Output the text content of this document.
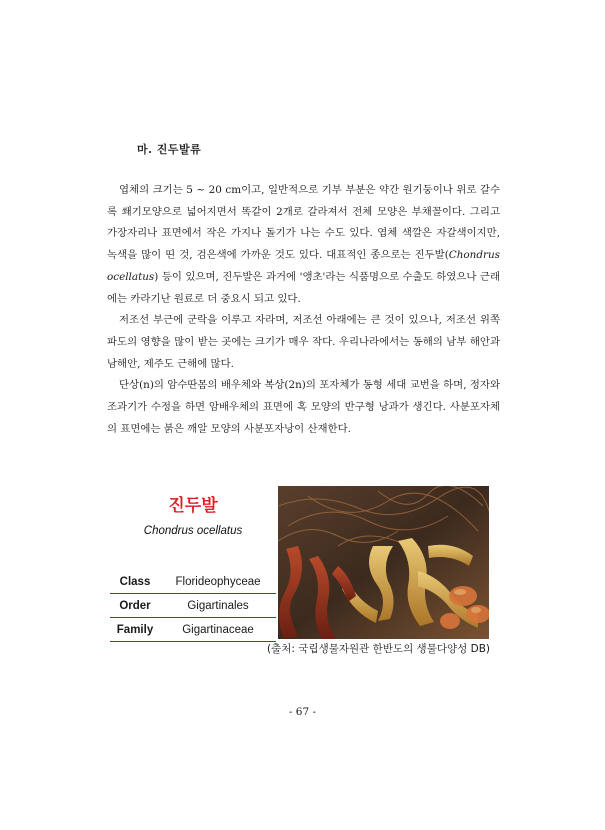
마. 진두발류

엽체의 크기는 5 ~ 20 cm이고, 일반적으로 기부 부분은 약간 원기둥이나 위로 갈수록 쐐기모양으로 넓어지면서 똑같이 2개로 갈라져서 전체 모양은 부채꼴이다. 그리고 가장자리나 표면에서 작은 가지나 돌기가 나는 수도 있다. 엽체 색깔은 자갈색이지만, 녹색을 많이 띤 것, 검은색에 가까운 것도 있다. 대표적인 종으로는 진두발(Chondrus ocellatus) 등이 있으며, 진두발은 과거에 '앵초'라는 식품명으로 수출도 하였으나 근래에는 카라기난 원료로 더 중요시 되고 있다.

저조선 부근에 군락을 이루고 자라며, 저조선 아래에는 큰 것이 있으나, 저조선 위쪽 파도의 영향을 많이 받는 곳에는 크기가 매우 작다. 우리나라에서는 동해의 남부 해안과 남해안, 제주도 근해에 많다.

단상(n)의 암수딴몸의 배우체와 복상(2n)의 포자체가 동형 세대 교번을 하며, 정자와 조과기가 수정을 하면 암배우체의 표면에 혹 모양의 반구형 낭과가 생긴다. 사분포자체의 표면에는 붉은 깨알 모양의 사분포자낭이 산재한다.

진두발
Chondrus ocellatus
Class	Florideophyceae
Order	Gigartinales
Family	Gigartinaceae
(출처: 국립생물자원관 한반도의 생물다양성 DB)
- 67 -
